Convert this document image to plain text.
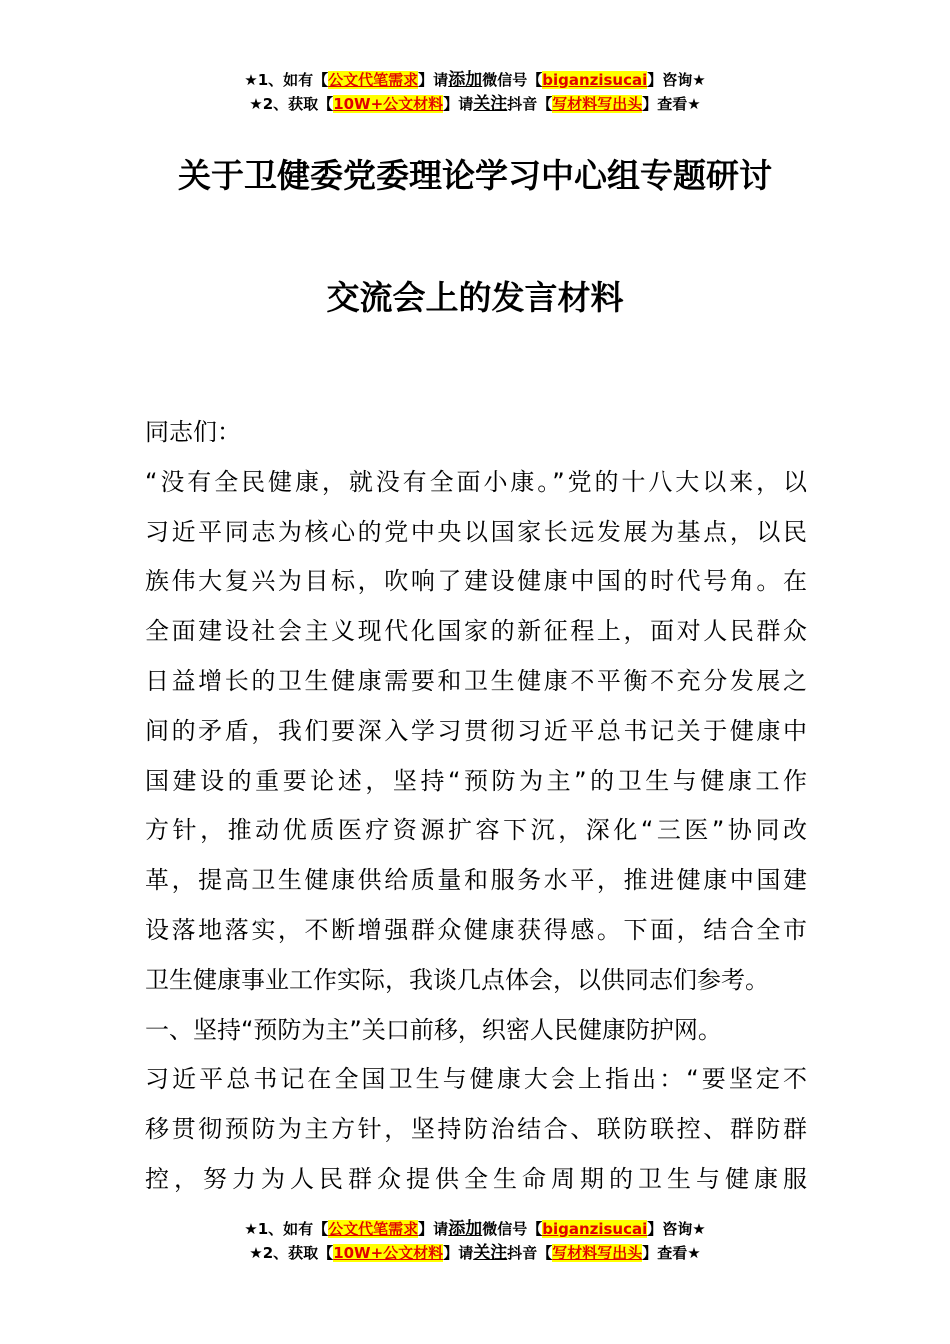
★1、如有【公文代笔需求】请添加微信号【biganzisucai】咨询★
★2、获取【10W+公文材料】请关注抖音【写材料写出头】查看★
关于卫健委党委理论学习中心组专题研讨
交流会上的发言材料
同志们：
“没有全民健康，就没有全面小康。”党的十八大以来，以
习近平同志为核心的党中央以国家长远发展为基点，以民
族伟大复兴为目标，吹响了建设健康中国的时代号角。在
全面建设社会主义现代化国家的新征程上，面对人民群众
日益增长的卫生健康需要和卫生健康不平衡不充分发展之
间的矛盾，我们要深入学习贯彻习近平总书记关于健康中
国建设的重要论述，坚持“预防为主”的卫生与健康工作
方针，推动优质医疗资源扩容下沉，深化“三医”协同改
革，提高卫生健康供给质量和服务水平，推进健康中国建
设落地落实，不断增强群众健康获得感。下面，结合全市
卫生健康事业工作实际，我谈几点体会，以供同志们参考。
一、坚持“预防为主”关口前移，织密人民健康防护网。
习近平总书记在全国卫生与健康大会上指出：“要坚定不
移贯彻预防为主方针，坚持防治结合、联防联控、群防群
控，努力为人民群众提供全生命周期的卫生与健康服
★1、如有【公文代笔需求】请添加微信号【biganzisucai】咨询★
★2、获取【10W+公文材料】请关注抖音【写材料写出头】查看★
